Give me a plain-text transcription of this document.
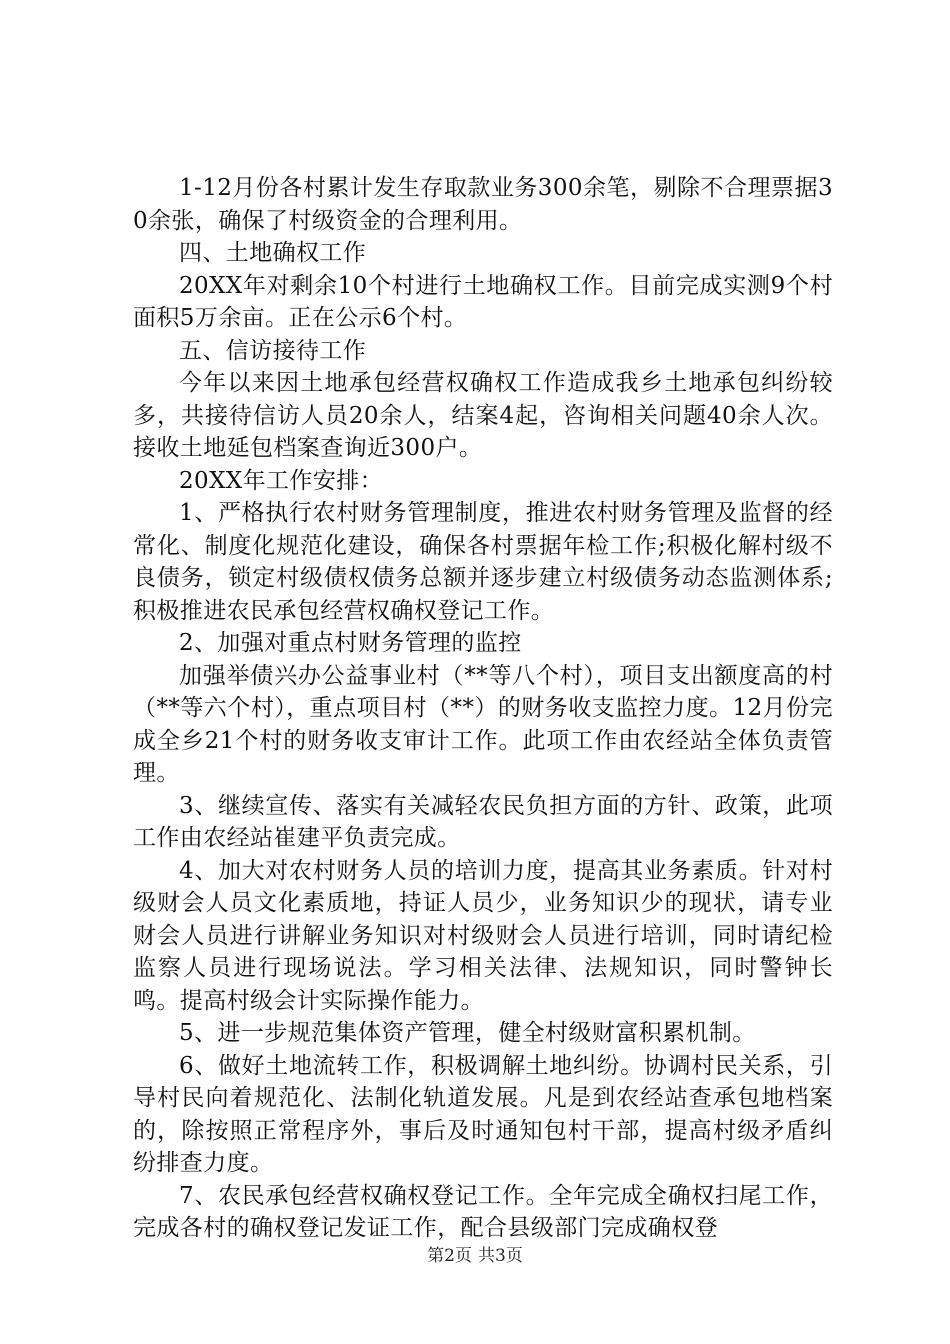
1-12月份各村累计发生存取款业务300余笔，剔除不合理票据30余张，确保了村级资金的合理利用。

四、土地确权工作

20XX年对剩余10个村进行土地确权工作。目前完成实测9个村面积5万余亩。正在公示6个村。

五、信访接待工作

今年以来因土地承包经营权确权工作造成我乡土地承包纠纷较多，共接待信访人员20余人，结案4起，咨询相关问题40余人次。接收土地延包档案查询近300户。

20XX年工作安排：

1、严格执行农村财务管理制度，推进农村财务管理及监督的经常化、制度化规范化建设，确保各村票据年检工作;积极化解村级不良债务，锁定村级债权债务总额并逐步建立村级债务动态监测体系;积极推进农民承包经营权确权登记工作。

2、加强对重点村财务管理的监控

加强举债兴办公益事业村（**等八个村），项目支出额度高的村（**等六个村），重点项目村（**）的财务收支监控力度。12月份完成全乡21个村的财务收支审计工作。此项工作由农经站全体负责管理。

3、继续宣传、落实有关减轻农民负担方面的方针、政策，此项工作由农经站崔建平负责完成。

4、加大对农村财务人员的培训力度，提高其业务素质。针对村级财会人员文化素质地，持证人员少，业务知识少的现状，请专业财会人员进行讲解业务知识对村级财会人员进行培训，同时请纪检监察人员进行现场说法。学习相关法律、法规知识，同时警钟长鸣。提高村级会计实际操作能力。

5、进一步规范集体资产管理，健全村级财富积累机制。

6、做好土地流转工作，积极调解土地纠纷。协调村民关系，引导村民向着规范化、法制化轨道发展。凡是到农经站查承包地档案的，除按照正常程序外，事后及时通知包村干部，提高村级矛盾纠纷排查力度。

7、农民承包经营权确权登记工作。全年完成全确权扫尾工作，完成各村的确权登记发证工作，配合县级部门完成确权登

第2页 共3页
